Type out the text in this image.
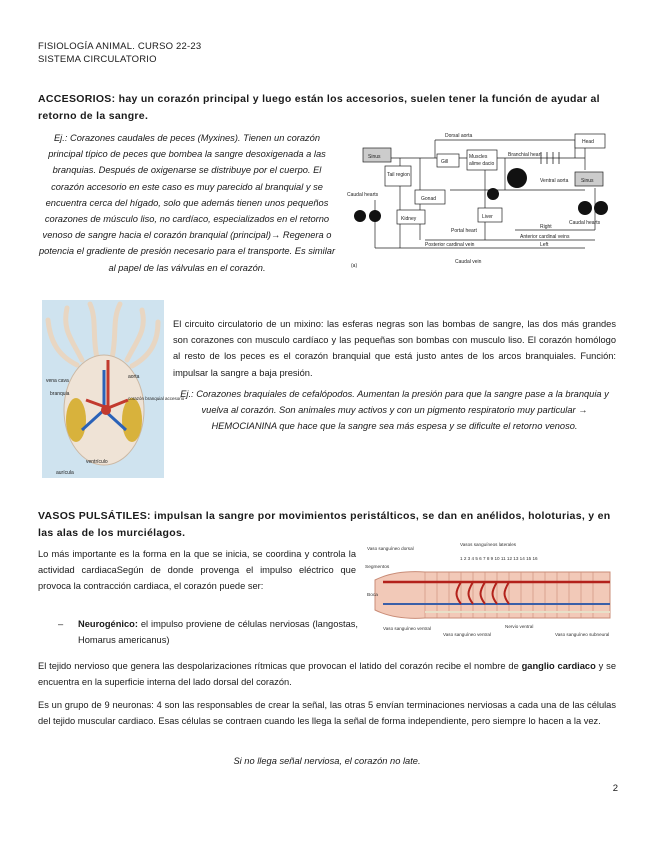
FISIOLOGÍA ANIMAL. CURSO 22-23
SISTEMA CIRCULATORIO
ACCESORIOS: hay un corazón principal y luego están los accesorios, suelen tener la función de ayudar al retorno de la sangre.
Ej.: Corazones caudales de peces (Myxines). Tienen un corazón principal típico de peces que bombea la sangre desoxigenada a las branquias. Después de oxigenarse se distribuye por el cuerpo. El corazón accesorio en este caso es muy parecido al branquial y se encuentra cerca del hígado, solo que además tienen unos pequeños corazones de músculo liso, no cardíaco, especializados en el retorno venoso de sangre hacia el corazón branquial (principal)→ Regenera o potencia el gradiente de presión necesario para el transporte. Es similar al papel de las válvulas en el corazón.
Dorsal aorta
Head
Sinus
Gill
Muscles
alime dacio
Branchial heart
Tail region
Ventral aorta	Sinus
Caudal hearts
Gonad
Kidney	Liver
Portal heart
Caudal hearts
Posterior cardinal vein
Right
Anterior cardinal veins
Left
Caudal vein
(a)
vena cava
branquia
aorta
corazón branquial accesorio
ventrículo
aurícula
El circuito circulatorio de un mixino: las esferas negras son las bombas de sangre, las dos más grandes son corazones con musculo cardíaco y las pequeñas son bombas con musculo liso. El corazón homólogo al resto de los peces es el corazón branquial que está justo antes de los arcos branquiales. Función: impulsar la sangre a baja presión.
Ej.: Corazones braquiales de cefalópodos. Aumentan la presión para que la sangre pase a la branquia y vuelva al corazón. Son animales muy activos y con un pigmento respiratorio muy particular → HEMOCIANINA que hace que la sangre sea más espesa y se dificulte el retorno venoso.
VASOS PULSÁTILES: impulsan la sangre por movimientos peristálticos, se dan en anélidos, holoturias, y en las alas de los murciélagos.
Lo más importante es la forma en la que se inicia, se coordina y controla la actividad cardiacaSegún de donde provenga el impulso eléctrico que provoca la contracción cardiaca, el corazón puede ser:
– Neurogénico: el impulso proviene de células nerviosas (langostas, Homarus americanus)
Vaso sanguíneo dorsal
Vasos sanguíneos laterales
1 2 3 4 5 6 7 8 9 10 11 12 13 14 15 16
Segmentos
Boca
Vaso sanguíneo ventral
Vaso sanguíneo ventral
Nervio ventral
Vaso sanguíneo subneural
El tejido nervioso que genera las despolarizaciones rítmicas que provocan el latido del corazón recibe el nombre de ganglio cardiaco y se encuentra en la superficie interna del lado dorsal del corazón.
Es un grupo de 9 neuronas: 4 son las responsables de crear la señal, las otras 5 envían terminaciones nerviosas a cada una de las células del tejido muscular cardiaco. Esas células se contraen cuando les llega la señal de forma independiente, pero siempre lo hacen a la vez.
Si no llega señal nerviosa, el corazón no late.
2
